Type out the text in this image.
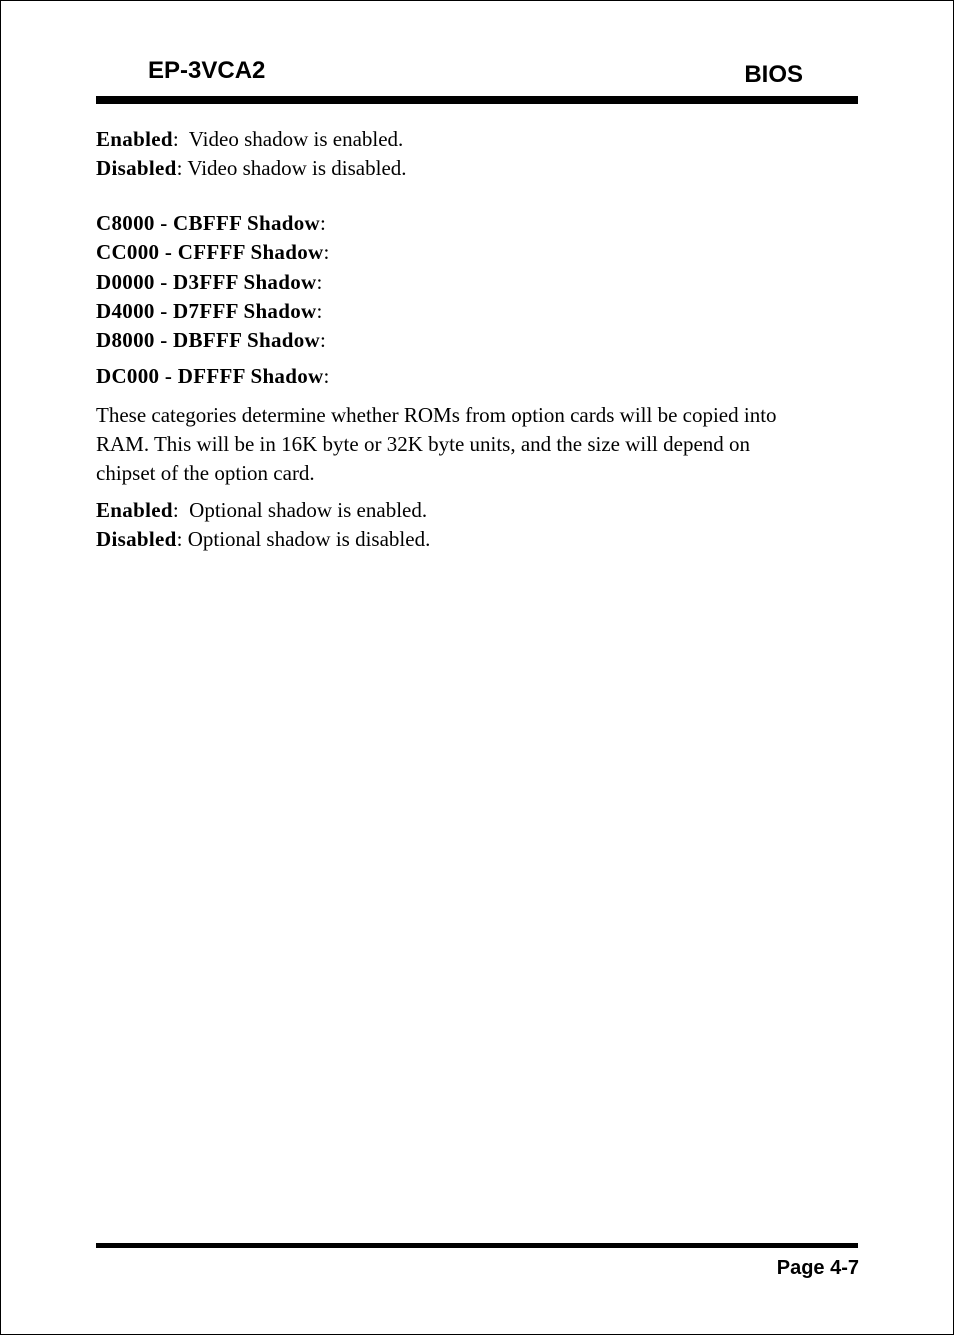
EP-3VCA2	BIOS
Enabled:  Video shadow is enabled.
Disabled: Video shadow is disabled.
C8000 - CBFFF Shadow:
CC000 - CFFFF Shadow:
D0000 - D3FFF Shadow:
D4000 - D7FFF Shadow:
D8000 - DBFFF Shadow:
DC000 - DFFFF Shadow:
These categories determine whether ROMs from option cards will be copied into
RAM. This will be in 16K byte or 32K byte units, and the size will depend on
chipset of the option card.
Enabled:  Optional shadow is enabled.
Disabled: Optional shadow is disabled.
Page 4-7
